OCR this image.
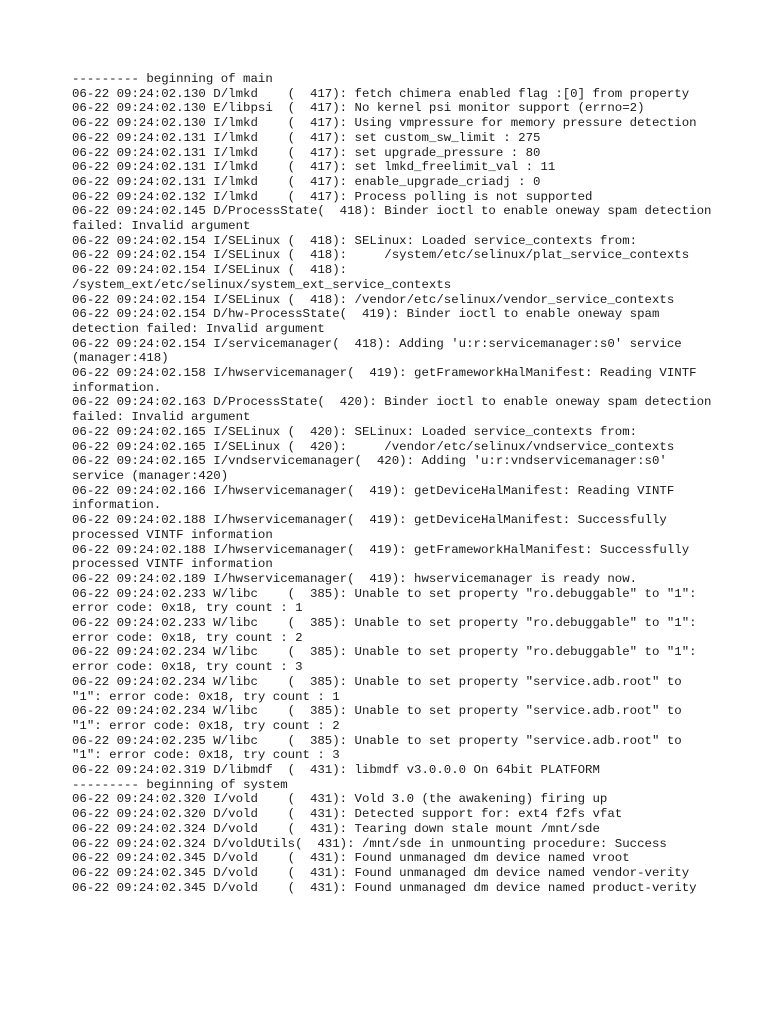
--------- beginning of main
06-22 09:24:02.130 D/lmkd    (  417): fetch chimera enabled flag :[0] from property
06-22 09:24:02.130 E/libpsi  (  417): No kernel psi monitor support (errno=2)
06-22 09:24:02.130 I/lmkd    (  417): Using vmpressure for memory pressure detection
06-22 09:24:02.131 I/lmkd    (  417): set custom_sw_limit : 275
06-22 09:24:02.131 I/lmkd    (  417): set upgrade_pressure : 80
06-22 09:24:02.131 I/lmkd    (  417): set lmkd_freelimit_val : 11
06-22 09:24:02.131 I/lmkd    (  417): enable_upgrade_criadj : 0
06-22 09:24:02.132 I/lmkd    (  417): Process polling is not supported
06-22 09:24:02.145 D/ProcessState(  418): Binder ioctl to enable oneway spam detection failed: Invalid argument
06-22 09:24:02.154 I/SELinux (  418): SELinux: Loaded service_contexts from:
06-22 09:24:02.154 I/SELinux (  418):     /system/etc/selinux/plat_service_contexts
06-22 09:24:02.154 I/SELinux (  418): /system_ext/etc/selinux/system_ext_service_contexts
06-22 09:24:02.154 I/SELinux (  418): /vendor/etc/selinux/vendor_service_contexts
06-22 09:24:02.154 D/hw-ProcessState(  419): Binder ioctl to enable oneway spam detection failed: Invalid argument
06-22 09:24:02.154 I/servicemanager(  418): Adding 'u:r:servicemanager:s0' service (manager:418)
06-22 09:24:02.158 I/hwservicemanager(  419): getFrameworkHalManifest: Reading VINTF information.
06-22 09:24:02.163 D/ProcessState(  420): Binder ioctl to enable oneway spam detection failed: Invalid argument
06-22 09:24:02.165 I/SELinux (  420): SELinux: Loaded service_contexts from:
06-22 09:24:02.165 I/SELinux (  420):     /vendor/etc/selinux/vndservice_contexts
06-22 09:24:02.165 I/vndservicemanager(  420): Adding 'u:r:vndservicemanager:s0' service (manager:420)
06-22 09:24:02.166 I/hwservicemanager(  419): getDeviceHalManifest: Reading VINTF information.
06-22 09:24:02.188 I/hwservicemanager(  419): getDeviceHalManifest: Successfully processed VINTF information
06-22 09:24:02.188 I/hwservicemanager(  419): getFrameworkHalManifest: Successfully processed VINTF information
06-22 09:24:02.189 I/hwservicemanager(  419): hwservicemanager is ready now.
06-22 09:24:02.233 W/libc    (  385): Unable to set property "ro.debuggable" to "1": error code: 0x18, try count : 1
06-22 09:24:02.233 W/libc    (  385): Unable to set property "ro.debuggable" to "1": error code: 0x18, try count : 2
06-22 09:24:02.234 W/libc    (  385): Unable to set property "ro.debuggable" to "1": error code: 0x18, try count : 3
06-22 09:24:02.234 W/libc    (  385): Unable to set property "service.adb.root" to "1": error code: 0x18, try count : 1
06-22 09:24:02.234 W/libc    (  385): Unable to set property "service.adb.root" to "1": error code: 0x18, try count : 2
06-22 09:24:02.235 W/libc    (  385): Unable to set property "service.adb.root" to "1": error code: 0x18, try count : 3
06-22 09:24:02.319 D/libmdf  (  431): libmdf v3.0.0.0 On 64bit PLATFORM
--------- beginning of system
06-22 09:24:02.320 I/vold    (  431): Vold 3.0 (the awakening) firing up
06-22 09:24:02.320 D/vold    (  431): Detected support for: ext4 f2fs vfat
06-22 09:24:02.324 D/vold    (  431): Tearing down stale mount /mnt/sde
06-22 09:24:02.324 D/voldUtils(  431): /mnt/sde in unmounting procedure: Success
06-22 09:24:02.345 D/vold    (  431): Found unmanaged dm device named vroot
06-22 09:24:02.345 D/vold    (  431): Found unmanaged dm device named vendor-verity
06-22 09:24:02.345 D/vold    (  431): Found unmanaged dm device named product-verity
